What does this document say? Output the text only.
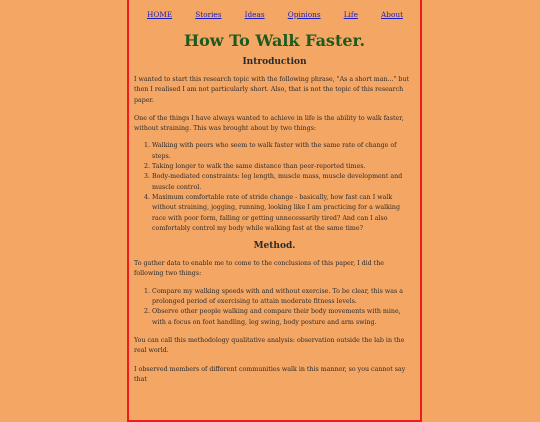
HOME	Stories	Ideas	Opinions	Life	About
How To Walk Faster.
Introduction

I wanted to start this research topic with the following phrase, "As a short man..." but then I realised I am not particularly short. Also, that is not the topic of this research paper.

One of the things I have always wanted to achieve in life is the ability to walk faster, without straining. This was brought about by two things:

1. Walking with peers who seem to walk faster with the same rate of change of steps.
2. Taking longer to walk the same distance than peer-reported times.
3. Body-mediated constraints: leg length, muscle mass, muscle development and muscle control.
4. Maximum comfortable rate of stride change - basically, how fast can I walk without straining, jogging, running, looking like I am practicing for a walking race with poor form, falling or getting unnecessarily tired? And can I also comfortably control my body while walking fast at the same time?
Method.

To gather data to enable me to come to the conclusions of this paper, I did the following two things:

1. Compare my walking speeds with and without exercise. To be clear, this was a prolonged period of exercising to attain moderate fitness levels.
2. Observe other people walking and compare their body movements with mine, with a focus on foot handling, leg swing, body posture and arm swing.

You can call this methodology qualitative analysis: observation outside the lab in the real world.

I observed members of different communities walk in this manner, so you cannot say that
